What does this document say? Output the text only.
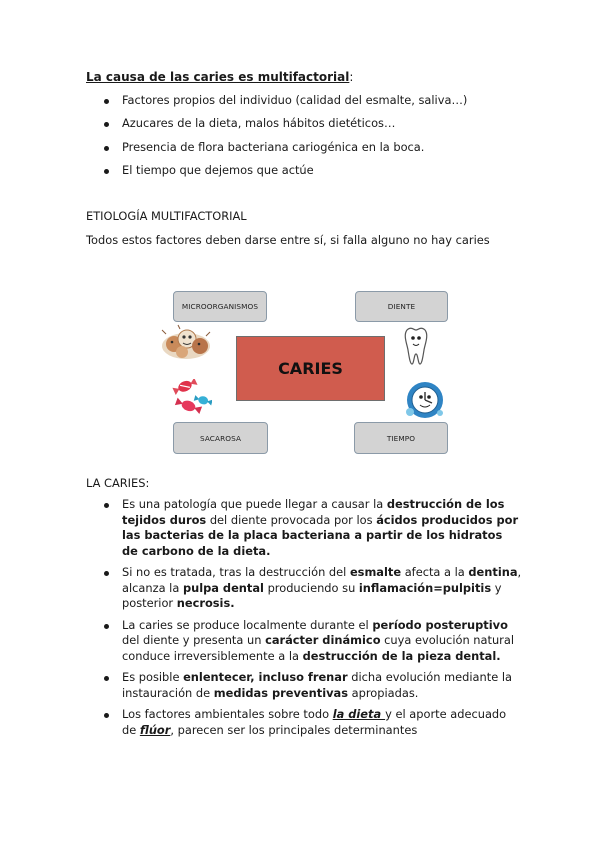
La causa de las caries es multifactorial:
Factores propios del individuo (calidad del esmalte, saliva…)
Azucares de la dieta, malos hábitos dietéticos…
Presencia de flora bacteriana cariogénica en la boca.
El tiempo que dejemos que actúe
ETIOLOGÍA MULTIFACTORIAL
Todos estos factores deben darse entre sí, si falla alguno no hay caries
MICROORGANISMOS	DIENTE
SACAROSA	TIEMPO
CARIES
LA CARIES:
Es una patología que puede llegar a causar la destrucción de los tejidos duros del diente provocada por los ácidos producidos por las bacterias de la placa bacteriana a partir de los hidratos de carbono de la dieta.
Si no es tratada, tras la destrucción del esmalte afecta a la dentina, alcanza la pulpa dental produciendo su inflamación=pulpitis y posterior necrosis.
La caries se produce localmente durante el período posteruptivo del diente y presenta un carácter dinámico cuya evolución natural conduce irreversiblemente a la destrucción de la pieza dental.
Es posible enlentecer, incluso frenar dicha evolución mediante la instauración de medidas preventivas apropiadas.
Los factores ambientales sobre todo la dieta y el aporte adecuado de flúor, parecen ser los principales determinantes
